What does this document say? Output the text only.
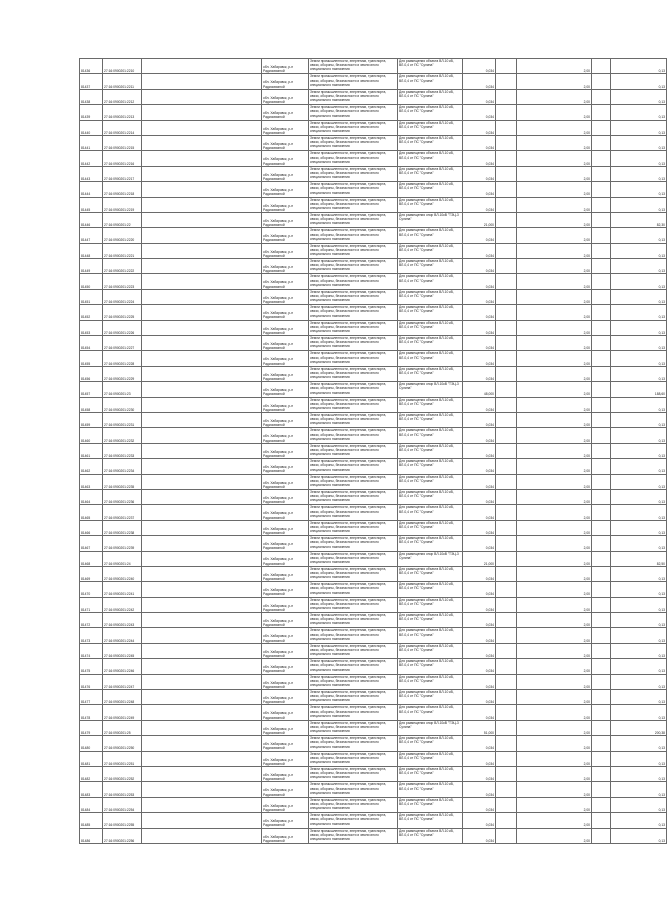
81436	27:16:0900201:2210		обл. Хабаровск, р-н Радиосвязной	Земли промышленности, энергетики, транспорта, связи, обороны, безопасности и земли иного специального назначения	Для размещения объекта ВЛ-10 кВ, ВЛ-0,4 от ПС "Сулина"	0,034		2,00		0,13
81437	27:16:0900201:2211		обл. Хабаровск, р-н Радиосвязной	Земли промышленности, энергетики, транспорта, связи, обороны, безопасности и земли иного специального назначения	Для размещения объекта ВЛ-10 кВ, ВЛ-0,4 от ПС "Сулина"	0,034		2,00		0,13
81438	27:16:0900201:2212		обл. Хабаровск, р-н Радиосвязной	Земли промышленности, энергетики, транспорта, связи, обороны, безопасности и земли иного специального назначения	Для размещения объекта ВЛ-10 кВ, ВЛ-0,4 от ПС "Сулина"	0,034		2,00		0,13
81439	27:16:0900201:2213		обл. Хабаровск, р-н Радиосвязной	Земли промышленности, энергетики, транспорта, связи, обороны, безопасности и земли иного специального назначения	Для размещения объекта ВЛ-10 кВ, ВЛ-0,4 от ПС "Сулина"	0,034		2,00		0,13
81440	27:16:0900201:2214		обл. Хабаровск, р-н Радиосвязной	Земли промышленности, энергетики, транспорта, связи, обороны, безопасности и земли иного специального назначения	Для размещения объекта ВЛ-10 кВ, ВЛ-0,4 от ПС "Сулина"	0,034		2,00		0,13
81441	27:16:0900201:2215		обл. Хабаровск, р-н Радиосвязной	Земли промышленности, энергетики, транспорта, связи, обороны, безопасности и земли иного специального назначения	Для размещения объекта ВЛ-10 кВ, ВЛ-0,4 от ПС "Сулина"	0,034		2,00		0,13
81442	27:16:0900201:2216		обл. Хабаровск, р-н Радиосвязной	Земли промышленности, энергетики, транспорта, связи, обороны, безопасности и земли иного специального назначения	Для размещения объекта ВЛ-10 кВ, ВЛ-0,4 от ПС "Сулина"	0,034		2,00		0,13
81443	27:16:0900201:2217		обл. Хабаровск, р-н Радиосвязной	Земли промышленности, энергетики, транспорта, связи, обороны, безопасности и земли иного специального назначения	Для размещения объекта ВЛ-10 кВ, ВЛ-0,4 от ПС "Сулина"	0,034		2,00		0,13
81444	27:16:0900201:2218		обл. Хабаровск, р-н Радиосвязной	Земли промышленности, энергетики, транспорта, связи, обороны, безопасности и земли иного специального назначения	Для размещения объекта ВЛ-10 кВ, ВЛ-0,4 от ПС "Сулина"	0,034		2,00		0,13
81445	27:16:0900201:2219		обл. Хабаровск, р-н Радиосвязной	Земли промышленности, энергетики, транспорта, связи, обороны, безопасности и земли иного специального назначения	Для размещения объекта ВЛ-10 кВ, ВЛ-0,4 от ПС "Сулина"	0,034		2,00		0,13
81446	27:16:0900201:22		обл. Хабаровск, р-н Радиосвязной	Земли промышленности, энергетики, транспорта, связи, обороны, безопасности и земли иного специального назначения	Для размещения опор ВЛ-10кВ "ТЭЦ-3 Сулина"	21,000		2,00		82,30
81447	27:16:0900201:2220		обл. Хабаровск, р-н Радиосвязной	Земли промышленности, энергетики, транспорта, связи, обороны, безопасности и земли иного специального назначения	Для размещения объекта ВЛ-10 кВ, ВЛ-0,4 от ПС "Сулина"	0,034		2,00		0,13
81448	27:16:0900201:2221		обл. Хабаровск, р-н Радиосвязной	Земли промышленности, энергетики, транспорта, связи, обороны, безопасности и земли иного специального назначения	Для размещения объекта ВЛ-10 кВ, ВЛ-0,4 от ПС "Сулина"	0,034		2,00		0,13
81449	27:16:0900201:2222		обл. Хабаровск, р-н Радиосвязной	Земли промышленности, энергетики, транспорта, связи, обороны, безопасности и земли иного специального назначения	Для размещения объекта ВЛ-10 кВ, ВЛ-0,4 от ПС "Сулина"	0,034		2,00		0,13
81450	27:16:0900201:2223		обл. Хабаровск, р-н Радиосвязной	Земли промышленности, энергетики, транспорта, связи, обороны, безопасности и земли иного специального назначения	Для размещения объекта ВЛ-10 кВ, ВЛ-0,4 от ПС "Сулина"	0,034		2,00		0,13
81451	27:16:0900201:2224		обл. Хабаровск, р-н Радиосвязной	Земли промышленности, энергетики, транспорта, связи, обороны, безопасности и земли иного специального назначения	Для размещения объекта ВЛ-10 кВ, ВЛ-0,4 от ПС "Сулина"	0,034		2,00		0,13
81452	27:16:0900201:2225		обл. Хабаровск, р-н Радиосвязной	Земли промышленности, энергетики, транспорта, связи, обороны, безопасности и земли иного специального назначения	Для размещения объекта ВЛ-10 кВ, ВЛ-0,4 от ПС "Сулина"	0,034		2,00		0,13
81453	27:16:0900201:2226		обл. Хабаровск, р-н Радиосвязной	Земли промышленности, энергетики, транспорта, связи, обороны, безопасности и земли иного специального назначения	Для размещения объекта ВЛ-10 кВ, ВЛ-0,4 от ПС "Сулина"	0,034		2,00		0,13
81454	27:16:0900201:2227		обл. Хабаровск, р-н Радиосвязной	Земли промышленности, энергетики, транспорта, связи, обороны, безопасности и земли иного специального назначения	Для размещения объекта ВЛ-10 кВ, ВЛ-0,4 от ПС "Сулина"	0,034		2,00		0,13
81455	27:16:0900201:2228		обл. Хабаровск, р-н Радиосвязной	Земли промышленности, энергетики, транспорта, связи, обороны, безопасности и земли иного специального назначения	Для размещения объекта ВЛ-10 кВ, ВЛ-0,4 от ПС "Сулина"	0,034		2,00		0,13
81456	27:16:0900201:2229		обл. Хабаровск, р-н Радиосвязной	Земли промышленности, энергетики, транспорта, связи, обороны, безопасности и земли иного специального назначения	Для размещения объекта ВЛ-10 кВ, ВЛ-0,4 от ПС "Сулина"	0,034		2,00		0,13
81457	27:16:0900201:23		обл. Хабаровск, р-н Радиосвязной	Земли промышленности, энергетики, транспорта, связи, обороны, безопасности и земли иного специального назначения	Для размещения опор ВЛ-10кВ "ТЭЦ-3 Сулина"	48,000		2,00		188,60
81458	27:16:0900201:2230		обл. Хабаровск, р-н Радиосвязной	Земли промышленности, энергетики, транспорта, связи, обороны, безопасности и земли иного специального назначения	Для размещения объекта ВЛ-10 кВ, ВЛ-0,4 от ПС "Сулина"	0,034		2,00		0,13
81459	27:16:0900201:2231		обл. Хабаровск, р-н Радиосвязной	Земли промышленности, энергетики, транспорта, связи, обороны, безопасности и земли иного специального назначения	Для размещения объекта ВЛ-10 кВ, ВЛ-0,4 от ПС "Сулина"	0,034		2,00		0,13
81460	27:16:0900201:2232		обл. Хабаровск, р-н Радиосвязной	Земли промышленности, энергетики, транспорта, связи, обороны, безопасности и земли иного специального назначения	Для размещения объекта ВЛ-10 кВ, ВЛ-0,4 от ПС "Сулина"	0,034		2,00		0,13
81461	27:16:0900201:2233		обл. Хабаровск, р-н Радиосвязной	Земли промышленности, энергетики, транспорта, связи, обороны, безопасности и земли иного специального назначения	Для размещения объекта ВЛ-10 кВ, ВЛ-0,4 от ПС "Сулина"	0,034		2,00		0,13
81462	27:16:0900201:2234		обл. Хабаровск, р-н Радиосвязной	Земли промышленности, энергетики, транспорта, связи, обороны, безопасности и земли иного специального назначения	Для размещения объекта ВЛ-10 кВ, ВЛ-0,4 от ПС "Сулина"	0,034		2,00		0,13
81463	27:16:0900201:2235		обл. Хабаровск, р-н Радиосвязной	Земли промышленности, энергетики, транспорта, связи, обороны, безопасности и земли иного специального назначения	Для размещения объекта ВЛ-10 кВ, ВЛ-0,4 от ПС "Сулина"	0,034		2,00		0,13
81464	27:16:0900201:2236		обл. Хабаровск, р-н Радиосвязной	Земли промышленности, энергетики, транспорта, связи, обороны, безопасности и земли иного специального назначения	Для размещения объекта ВЛ-10 кВ, ВЛ-0,4 от ПС "Сулина"	0,034		2,00		0,13
81465	27:16:0900201:2237		обл. Хабаровск, р-н Радиосвязной	Земли промышленности, энергетики, транспорта, связи, обороны, безопасности и земли иного специального назначения	Для размещения объекта ВЛ-10 кВ, ВЛ-0,4 от ПС "Сулина"	0,034		2,00		0,13
81466	27:16:0900201:2238		обл. Хабаровск, р-н Радиосвязной	Земли промышленности, энергетики, транспорта, связи, обороны, безопасности и земли иного специального назначения	Для размещения объекта ВЛ-10 кВ, ВЛ-0,4 от ПС "Сулина"	0,034		2,00		0,13
81467	27:16:0900201:2239		обл. Хабаровск, р-н Радиосвязной	Земли промышленности, энергетики, транспорта, связи, обороны, безопасности и земли иного специального назначения	Для размещения объекта ВЛ-10 кВ, ВЛ-0,4 от ПС "Сулина"	0,034		2,00		0,13
81468	27:16:0900201:24		обл. Хабаровск, р-н Радиосвязной	Земли промышленности, энергетики, транспорта, связи, обороны, безопасности и земли иного специального назначения	Для размещения опор ВЛ-10кВ "ТЭЦ-3 Сулина"	21,000		2,00		82,50
81469	27:16:0900201:2240		обл. Хабаровск, р-н Радиосвязной	Земли промышленности, энергетики, транспорта, связи, обороны, безопасности и земли иного специального назначения	Для размещения объекта ВЛ-10 кВ, ВЛ-0,4 от ПС "Сулина"	0,034		2,00		0,13
81470	27:16:0900201:2241		обл. Хабаровск, р-н Радиосвязной	Земли промышленности, энергетики, транспорта, связи, обороны, безопасности и земли иного специального назначения	Для размещения объекта ВЛ-10 кВ, ВЛ-0,4 от ПС "Сулина"	0,034		2,00		0,13
81471	27:16:0900201:2242		обл. Хабаровск, р-н Радиосвязной	Земли промышленности, энергетики, транспорта, связи, обороны, безопасности и земли иного специального назначения	Для размещения объекта ВЛ-10 кВ, ВЛ-0,4 от ПС "Сулина"	0,034		2,00		0,13
81472	27:16:0900201:2243		обл. Хабаровск, р-н Радиосвязной	Земли промышленности, энергетики, транспорта, связи, обороны, безопасности и земли иного специального назначения	Для размещения объекта ВЛ-10 кВ, ВЛ-0,4 от ПС "Сулина"	0,034		2,00		0,13
81473	27:16:0900201:2244		обл. Хабаровск, р-н Радиосвязной	Земли промышленности, энергетики, транспорта, связи, обороны, безопасности и земли иного специального назначения	Для размещения объекта ВЛ-10 кВ, ВЛ-0,4 от ПС "Сулина"	0,034		2,00		0,13
81474	27:16:0900201:2245		обл. Хабаровск, р-н Радиосвязной	Земли промышленности, энергетики, транспорта, связи, обороны, безопасности и земли иного специального назначения	Для размещения объекта ВЛ-10 кВ, ВЛ-0,4 от ПС "Сулина"	0,034		2,00		0,13
81475	27:16:0900201:2246		обл. Хабаровск, р-н Радиосвязной	Земли промышленности, энергетики, транспорта, связи, обороны, безопасности и земли иного специального назначения	Для размещения объекта ВЛ-10 кВ, ВЛ-0,4 от ПС "Сулина"	0,034		2,00		0,13
81476	27:16:0900201:2247		обл. Хабаровск, р-н Радиосвязной	Земли промышленности, энергетики, транспорта, связи, обороны, безопасности и земли иного специального назначения	Для размещения объекта ВЛ-10 кВ, ВЛ-0,4 от ПС "Сулина"	0,034		2,00		0,13
81477	27:16:0900201:2248		обл. Хабаровск, р-н Радиосвязной	Земли промышленности, энергетики, транспорта, связи, обороны, безопасности и земли иного специального назначения	Для размещения объекта ВЛ-10 кВ, ВЛ-0,4 от ПС "Сулина"	0,034		2,00		0,13
81478	27:16:0900201:2249		обл. Хабаровск, р-н Радиосвязной	Земли промышленности, энергетики, транспорта, связи, обороны, безопасности и земли иного специального назначения	Для размещения объекта ВЛ-10 кВ, ВЛ-0,4 от ПС "Сулина"	0,034		2,00		0,13
81479	27:16:0900201:25		обл. Хабаровск, р-н Радиосвязной	Земли промышленности, энергетики, транспорта, связи, обороны, безопасности и земли иного специального назначения	Для размещения опор ВЛ-10кВ "ТЭЦ-3 Сулина"	51,000		2,00		200,38
81480	27:16:0900201:2250		обл. Хабаровск, р-н Радиосвязной	Земли промышленности, энергетики, транспорта, связи, обороны, безопасности и земли иного специального назначения	Для размещения объекта ВЛ-10 кВ, ВЛ-0,4 от ПС "Сулина"	0,034		2,00		0,13
81481	27:16:0900201:2251		обл. Хабаровск, р-н Радиосвязной	Земли промышленности, энергетики, транспорта, связи, обороны, безопасности и земли иного специального назначения	Для размещения объекта ВЛ-10 кВ, ВЛ-0,4 от ПС "Сулина"	0,034		2,00		0,13
81482	27:16:0900201:2252		обл. Хабаровск, р-н Радиосвязной	Земли промышленности, энергетики, транспорта, связи, обороны, безопасности и земли иного специального назначения	Для размещения объекта ВЛ-10 кВ, ВЛ-0,4 от ПС "Сулина"	0,034		2,00		0,13
81483	27:16:0900201:2253		обл. Хабаровск, р-н Радиосвязной	Земли промышленности, энергетики, транспорта, связи, обороны, безопасности и земли иного специального назначения	Для размещения объекта ВЛ-10 кВ, ВЛ-0,4 от ПС "Сулина"	0,034		2,00		0,13
81484	27:16:0900201:2254		обл. Хабаровск, р-н Радиосвязной	Земли промышленности, энергетики, транспорта, связи, обороны, безопасности и земли иного специального назначения	Для размещения объекта ВЛ-10 кВ, ВЛ-0,4 от ПС "Сулина"	0,034		2,00		0,13
81485	27:16:0900201:2255		обл. Хабаровск, р-н Радиосвязной	Земли промышленности, энергетики, транспорта, связи, обороны, безопасности и земли иного специального назначения	Для размещения объекта ВЛ-10 кВ, ВЛ-0,4 от ПС "Сулина"	0,034		2,00		0,13
81486	27:16:0900201:2256		обл. Хабаровск, р-н Радиосвязной	Земли промышленности, энергетики, транспорта, связи, обороны, безопасности и земли иного специального назначения	Для размещения объекта ВЛ-10 кВ, ВЛ-0,4 от ПС "Сулина"	0,034		2,00		0,13
